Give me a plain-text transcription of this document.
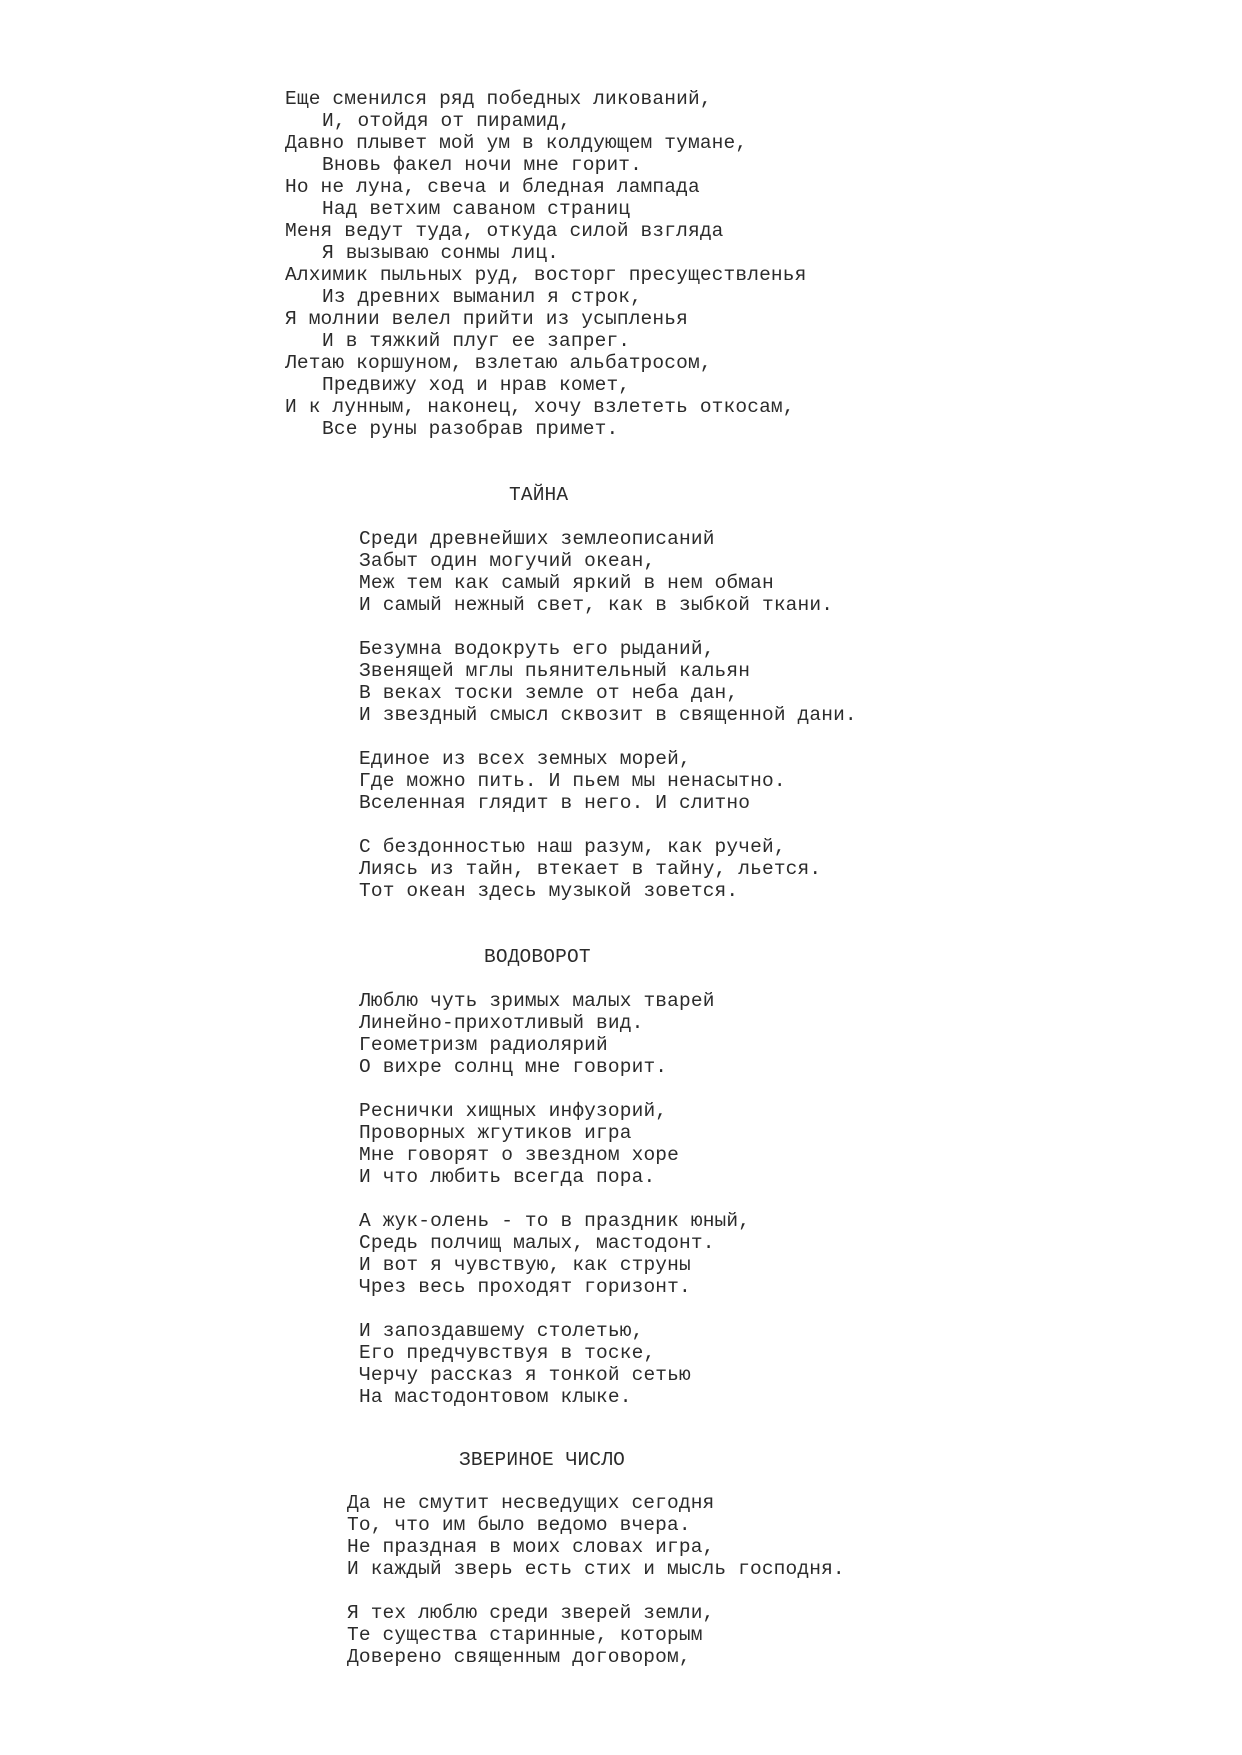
Еще сменился ряд победных ликований,
И, отойдя от пирамид,
Давно плывет мой ум в колдующем тумане,
Вновь факел ночи мне горит.
Но не луна, свеча и бледная лампада
Над ветхим саваном страниц
Меня ведут туда, откуда силой взгляда
Я вызываю сонмы лиц.
Алхимик пыльных руд, восторг пресуществленья
Из древних выманил я строк,
Я молнии велел прийти из усыпленья
И в тяжкий плуг ее запрег.
Летаю коршуном, взлетаю альбатросом,
Предвижу ход и нрав комет,
И к лунным, наконец, хочу взлететь откосам,
Все руны разобрав примет.
ТАЙНА
Среди древнейших землеописаний
Забыт один могучий океан,
Меж тем как самый яркий в нем обман
И самый нежный свет, как в зыбкой ткани.
Безумна водокруть его рыданий,
Звенящей мглы пьянительный кальян
В веках тоски земле от неба дан,
И звездный смысл сквозит в священной дани.
Единое из всех земных морей,
Где можно пить. И пьем мы ненасытно.
Вселенная глядит в него. И слитно
С бездонностью наш разум, как ручей,
Лиясь из тайн, втекает в тайну, льется.
Тот океан здесь музыкой зовется.
ВОДОВОРОТ
Люблю чуть зримых малых тварей
Линейно-прихотливый вид.
Геометризм радиолярий
О вихре солнц мне говорит.
Реснички хищных инфузорий,
Проворных жгутиков игра
Мне говорят о звездном хоре
И что любить всегда пора.
А жук-олень - то в праздник юный,
Средь полчищ малых, мастодонт.
И вот я чувствую, как струны
Чрез весь проходят горизонт.
И запоздавшему столетью,
Его предчувствуя в тоске,
Черчу рассказ я тонкой сетью
На мастодонтовом клыке.
ЗВЕРИНОЕ ЧИСЛО
Да не смутит несведущих сегодня
То, что им было ведомо вчера.
Не праздная в моих словах игра,
И каждый зверь есть стих и мысль господня.
Я тех люблю среди зверей земли,
Те существа старинные, которым
Доверено священным договором,
